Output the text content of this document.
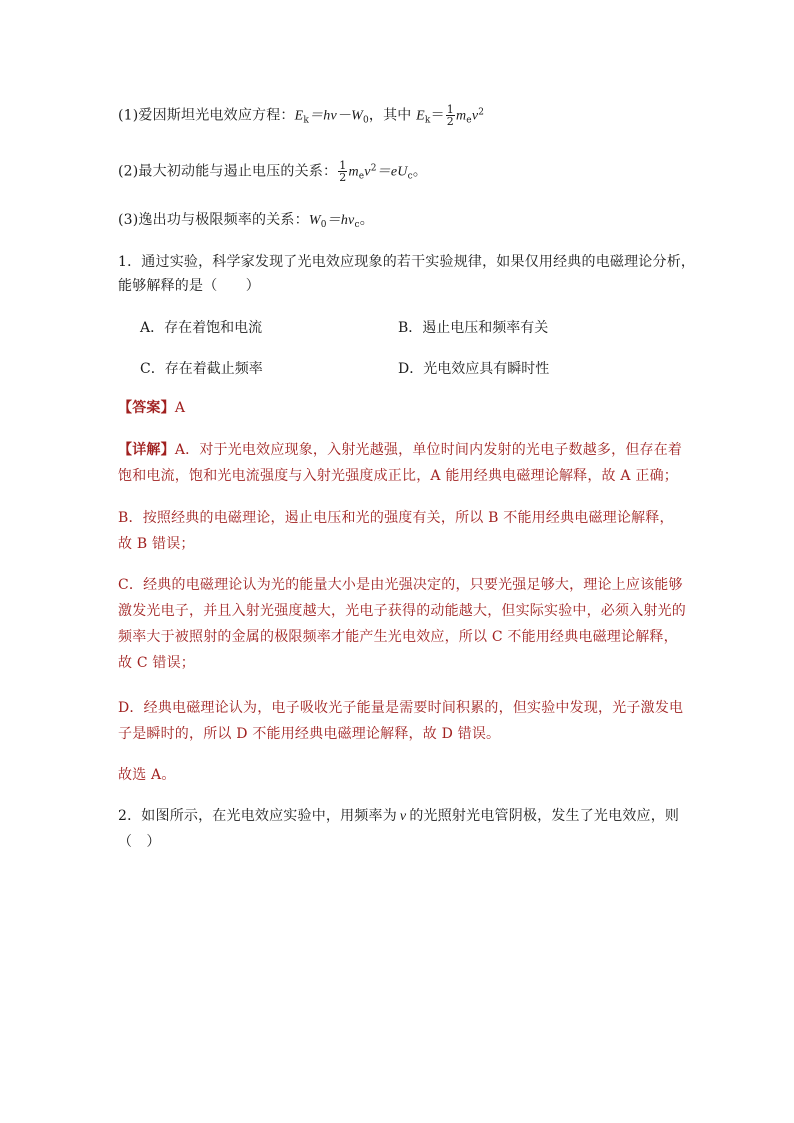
(1)爱因斯坦光电效应方程：$E_k=h\nu-W_0$，其中 $E_k= \frac{1}{2} m_ev^2$
(2)最大初动能与遏止电压的关系： $\frac{1}{2} m_ev^2=eU_c$。
(3)逸出功与极限频率的关系：$W_0=h\nu_c$。
1．通过实验，科学家发现了光电效应现象的若干实验规律，如果仅用经典的电磁理论分析，
能够解释的是（　　）
A．存在着饱和电流	B．遏止电压和频率有关
C．存在着截止频率	D．光电效应具有瞬时性
【答案】A
【详解】A．对于光电效应现象，入射光越强，单位时间内发射的光电子数越多，但存在着
饱和电流，饱和光电流强度与入射光强度成正比，A 能用经典电磁理论解释，故 A 正确；
B．按照经典的电磁理论，遏止电压和光的强度有关，所以 B 不能用经典电磁理论解释，
故 B 错误；
C．经典的电磁理论认为光的能量大小是由光强决定的，只要光强足够大，理论上应该能够
激发光电子，并且入射光强度越大，光电子获得的动能越大，但实际实验中，必须入射光的
频率大于被照射的金属的极限频率才能产生光电效应，所以 C 不能用经典电磁理论解释，
故 C 错误；
D．经典电磁理论认为，电子吸收光子能量是需要时间积累的，但实验中发现，光子激发电
子是瞬时的，所以 D 不能用经典电磁理论解释，故 D 错误。
故选 A。
2．如图所示，在光电效应实验中，用频率为 ν 的光照射光电管阴极，发生了光电效应，则
（　）
